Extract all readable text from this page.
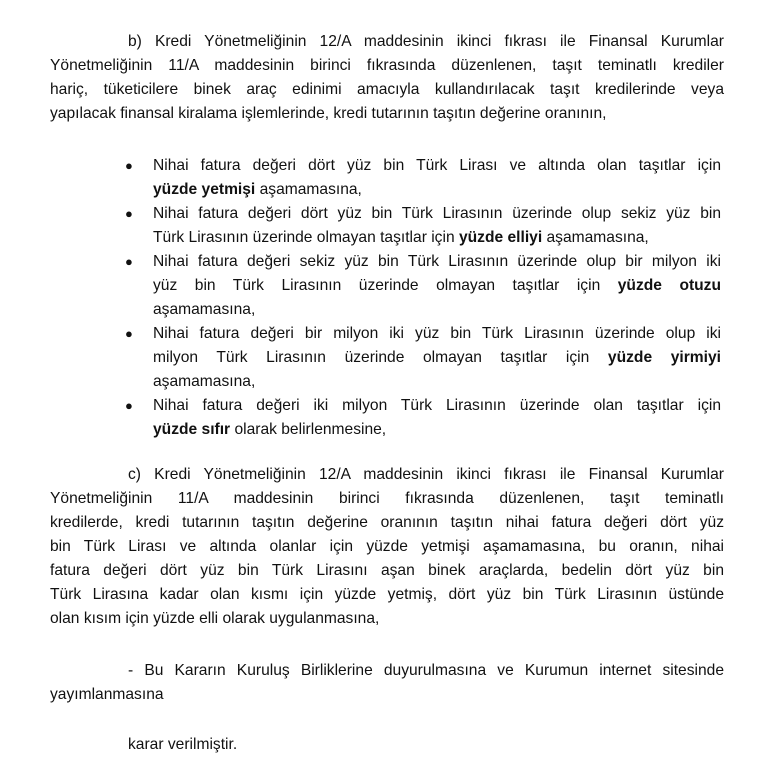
b) Kredi Yönetmeliğinin 12/A maddesinin ikinci fıkrası ile Finansal Kurumlar
Yönetmeliğinin 11/A maddesinin birinci fıkrasında düzenlenen, taşıt teminatlı krediler
hariç, tüketicilere binek araç edinimi amacıyla kullandırılacak taşıt kredilerinde veya
yapılacak finansal kiralama işlemlerinde, kredi tutarının taşıtın değerine oranının,
● Nihai fatura değeri dört yüz bin Türk Lirası ve altında olan taşıtlar için
yüzde yetmişi aşamamasına,
● Nihai fatura değeri dört yüz bin Türk Lirasının üzerinde olup sekiz yüz bin
Türk Lirasının üzerinde olmayan taşıtlar için yüzde elliyi aşamamasına,
● Nihai fatura değeri sekiz yüz bin Türk Lirasının üzerinde olup bir milyon iki
yüz bin Türk Lirasının üzerinde olmayan taşıtlar için yüzde otuzu
aşamamasına,
● Nihai fatura değeri bir milyon iki yüz bin Türk Lirasının üzerinde olup iki
milyon Türk Lirasının üzerinde olmayan taşıtlar için yüzde yirmiyi
aşamamasına,
● Nihai fatura değeri iki milyon Türk Lirasının üzerinde olan taşıtlar için
yüzde sıfır olarak belirlenmesine,
c) Kredi Yönetmeliğinin 12/A maddesinin ikinci fıkrası ile Finansal Kurumlar
Yönetmeliğinin 11/A maddesinin birinci fıkrasında düzenlenen, taşıt teminatlı
kredilerde, kredi tutarının taşıtın değerine oranının taşıtın nihai fatura değeri dört yüz
bin Türk Lirası ve altında olanlar için yüzde yetmişi aşamamasına, bu oranın, nihai
fatura değeri dört yüz bin Türk Lirasını aşan binek araçlarda, bedelin dört yüz bin
Türk Lirasına kadar olan kısmı için yüzde yetmiş, dört yüz bin Türk Lirasının üstünde
olan kısım için yüzde elli olarak uygulanmasına,
- Bu Kararın Kuruluş Birliklerine duyurulmasına ve Kurumun internet sitesinde
yayımlanmasına
karar verilmiştir.
